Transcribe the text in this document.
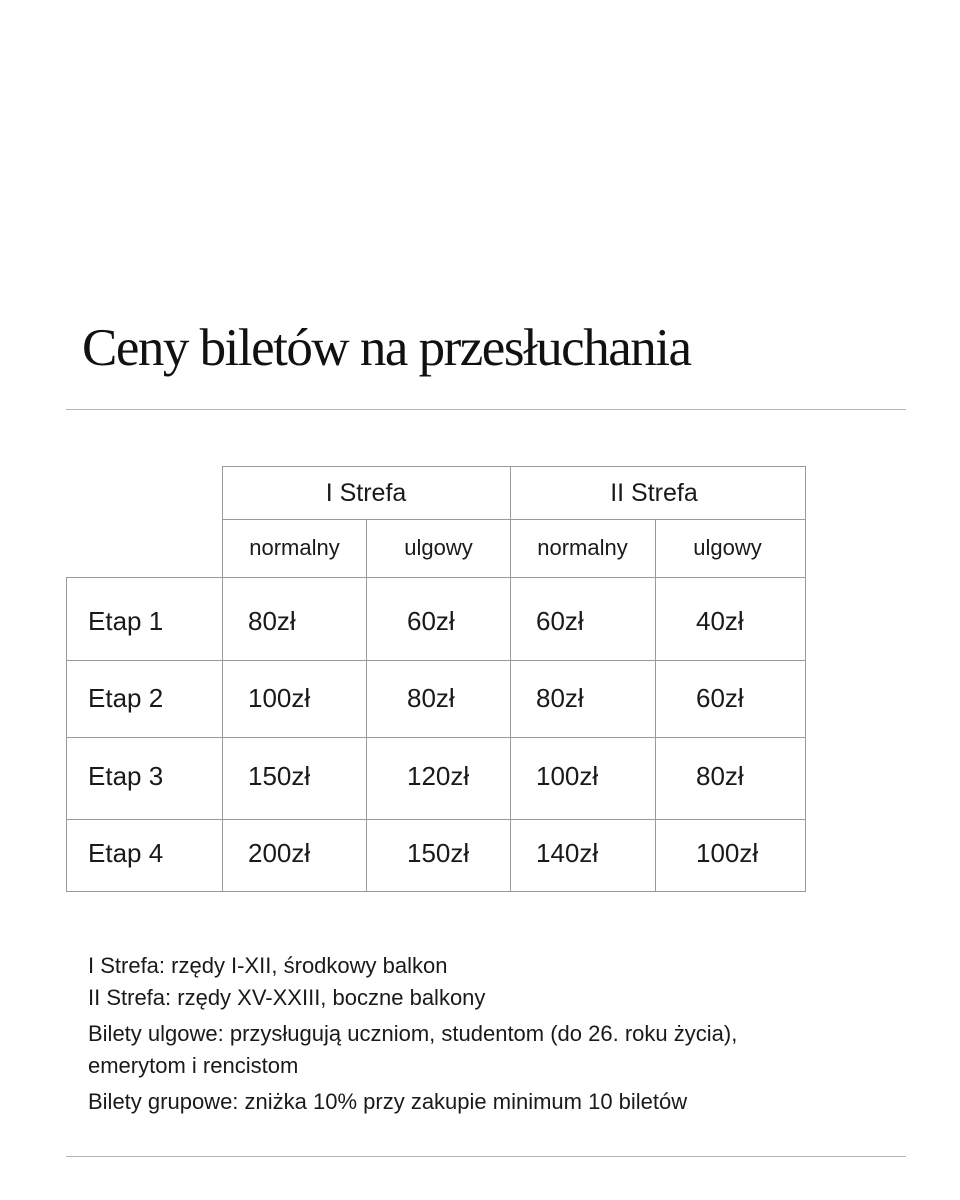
Ceny biletów na przesłuchania
I Strefa	II Strefa
normalny	ulgowy	normalny	ulgowy
Etap 1	80zł	60zł	60zł	40zł
Etap 2	100zł	80zł	80zł	60zł
Etap 3	150zł	120zł	100zł	80zł
Etap 4	200zł	150zł	140zł	100zł

I Strefa: rzędy I-XII, środkowy balkon

II Strefa: rzędy XV-XXIII, boczne balkony

Bilety ulgowe: przysługują uczniom, studentom (do 26. roku życia),

emerytom i rencistom

Bilety grupowe: zniżka 10% przy zakupie minimum 10 biletów
